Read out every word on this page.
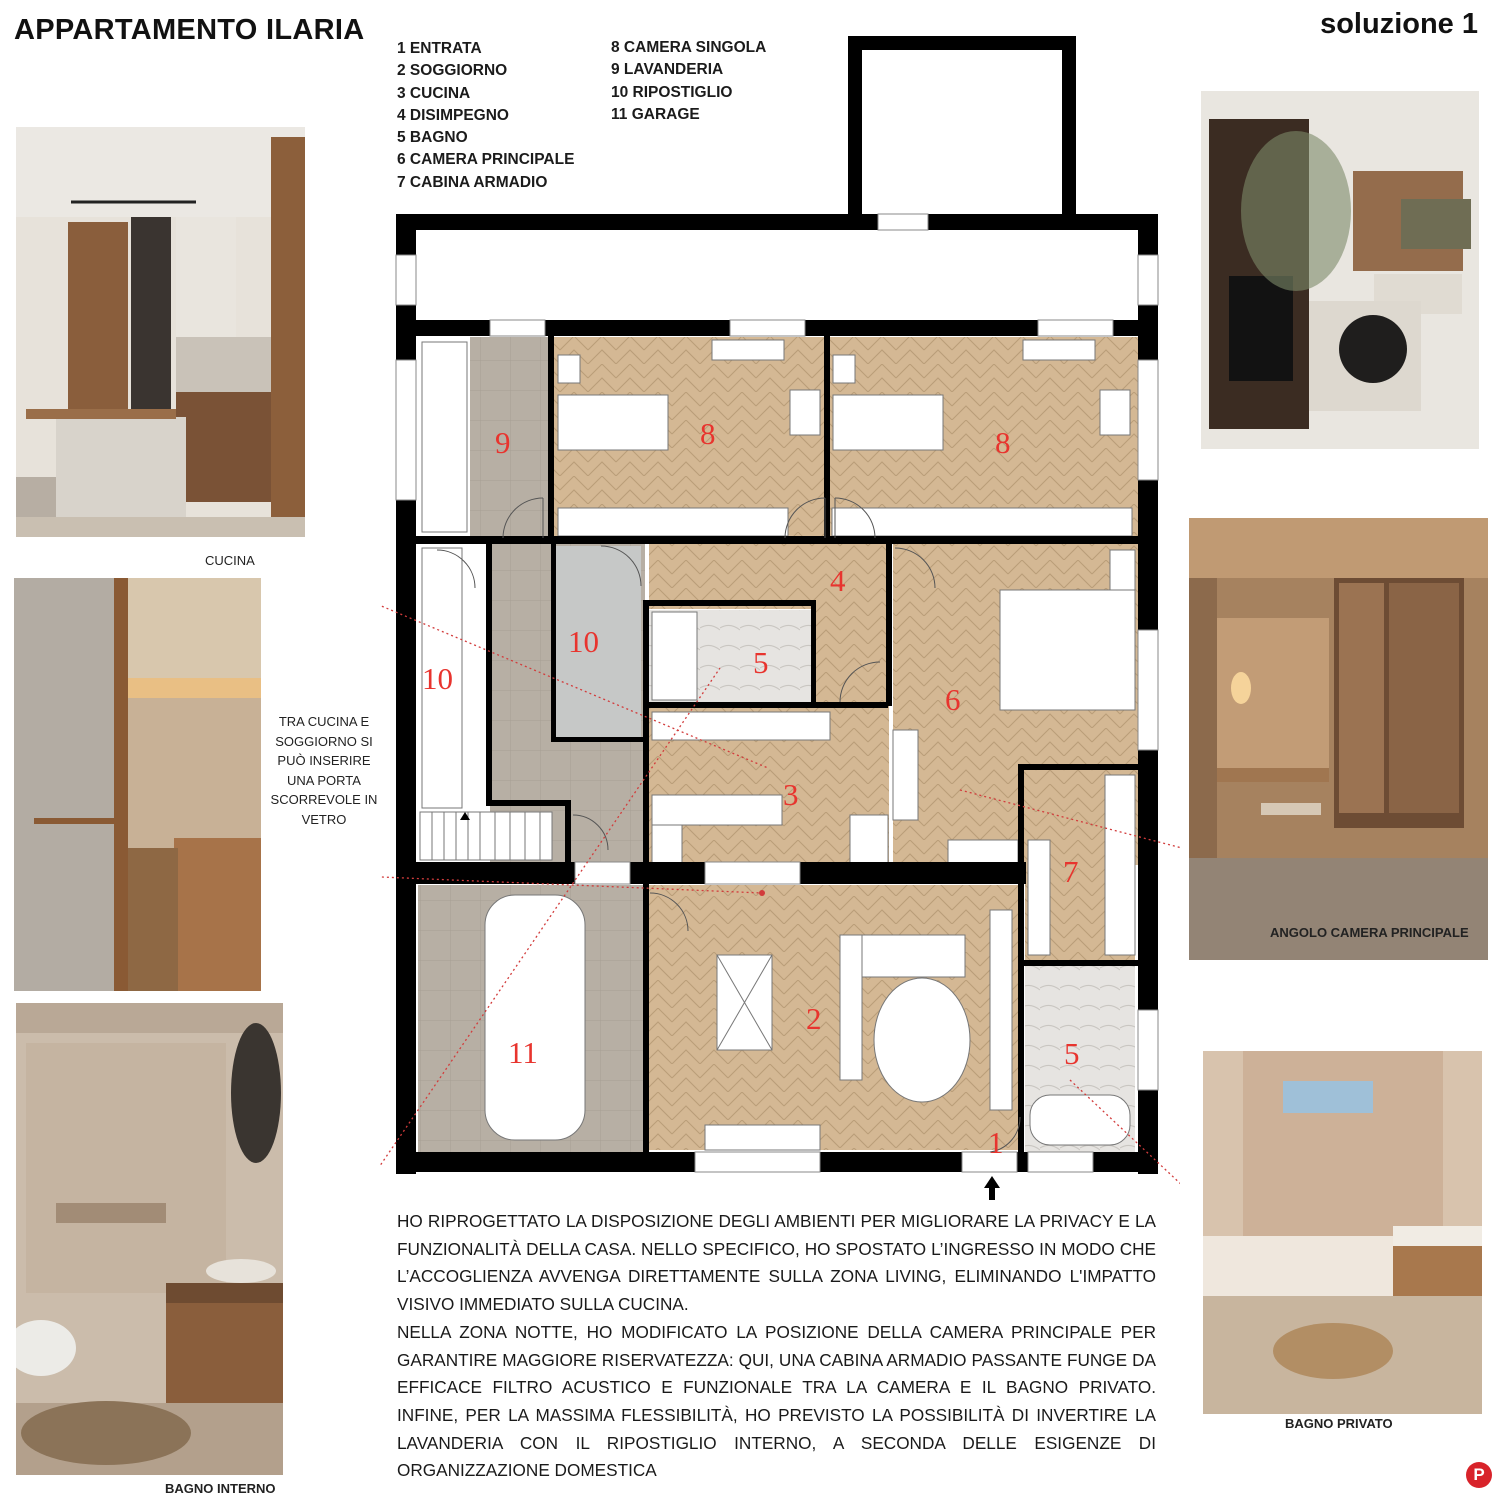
APPARTAMENTO ILARIA	soluzione 1
1 ENTRATA
2 SOGGIORNO
3 CUCINA
4 DISIMPEGNO
5 BAGNO
6 CAMERA PRINCIPALE
7 CABINA ARMADIO
8 CAMERA SINGOLA
9 LAVANDERIA
10 RIPOSTIGLIO
11 GARAGE
CUCINA
TRA CUCINA E SOGGIORNO SI PUÒ INSERIRE UNA PORTA SCORREVOLE IN VETRO
BAGNO INTERNO
ANGOLO CAMERA PRINCIPALE
BAGNO PRIVATO
9	8	8
4
10
10	5
6
3
7
2
5
11
1

HO RIPROGETTATO LA DISPOSIZIONE DEGLI AMBIENTI PER MIGLIORARE LA PRIVACY E LA FUNZIONALITÀ DELLA CASA. NELLO SPECIFICO, HO SPOSTATO L’INGRESSO IN MODO CHE L’ACCOGLIENZA AVVENGA DIRETTAMENTE SULLA ZONA LIVING, ELIMINANDO L'IMPATTO VISIVO IMMEDIATO SULLA CUCINA.

NELLA ZONA NOTTE, HO MODIFICATO LA POSIZIONE DELLA CAMERA PRINCIPALE PER GARANTIRE MAGGIORE RISERVATEZZA: QUI, UNA CABINA ARMADIO PASSANTE FUNGE DA EFFICACE FILTRO ACUSTICO E FUNZIONALE TRA LA CAMERA E IL BAGNO PRIVATO. INFINE, PER LA MASSIMA FLESSIBILITÀ, HO PREVISTO LA POSSIBILITÀ DI INVERTIRE LA LAVANDERIA CON IL RIPOSTIGLIO INTERNO, A SECONDA DELLE ESIGENZE DI ORGANIZZAZIONE DOMESTICA	P
